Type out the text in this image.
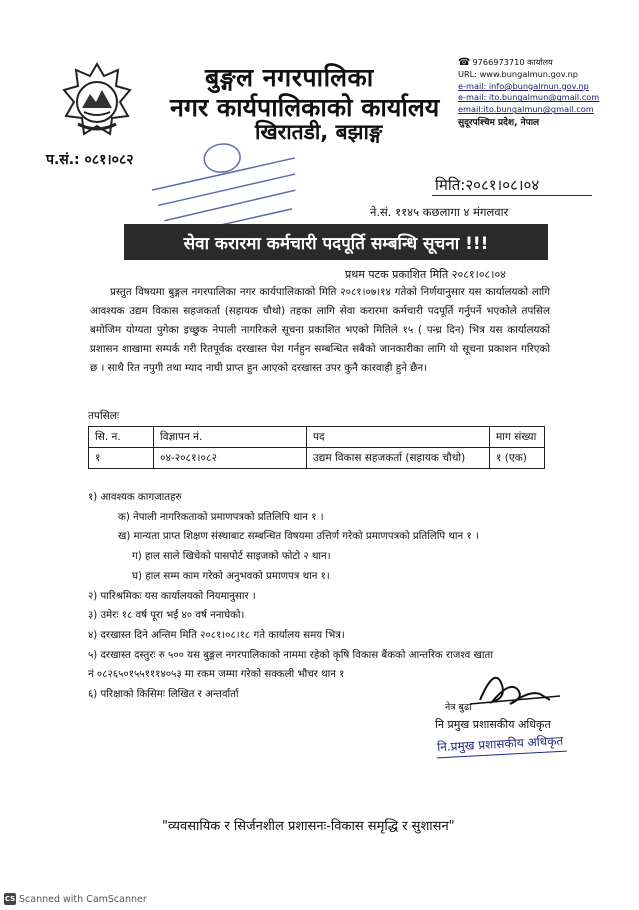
बुङ्गल नगरपालिका
नगर कार्यपालिकाको कार्यालय
खिरातडी, बझाङ्ग
☎ 9766973710 कार्यालय
URL: www.bungalmun.gov.np
e-mail: info@bungalmun.gov.np
e-mail: ito.bungalmun@gmail.com
email:ito.bungalmun@gmail.com
सुदूरपश्चिम प्रदेश, नेपाल
प.सं.: ०८१।०८२
मिति:२०८१।०८।०४
ने.सं. ११४५ कछलागा ४ मंगलवार
सेवा करारमा कर्मचारी पदपूर्ति सम्बन्धि सूचना !!!
प्रथम पटक प्रकाशित मिति २०८१।०८।०४
प्रस्तुत विषयमा बुङ्गल नगरपालिका नगर कार्यपालिकाको मिति २०८१।०७।१४ गतेको निर्णयानुसार यस कार्यालयको लागि आवश्यक उद्यम विकास सहजकर्ता (सहायक चौथो) तहका लागि सेवा करारमा कर्मचारी पदपूर्ति गर्नुपर्ने भएकोले तपसिल बमोजिम योग्यता पुगेका इच्छुक नेपाली नागरिकले सूचना प्रकाशित भएको मितिले १५ ( पन्ध्र दिन) भित्र यस कार्यालयको प्रशासन शाखामा सम्पर्क गरी रितपूर्वक दरखास्त पेश गर्नहुन सम्बन्धित सबैको जानकारीका लागि यो सूचना प्रकाशन गरिएको छ । साथै रित नपुगी तथा म्याद नाघी प्राप्त हुन आएको दरखास्त उपर कुनै कारवाही हुने छैन।
तपसिलः
सि. न.	विज्ञापन नं.	पद	माग संख्या
१	०४-२०८१।०८२	उद्यम विकास सहजकर्ता (सहायक चौथो)	१ (एक)
१) आवश्यक कागजातहरु
क) नेपाली नागरिकताको प्रमाणपत्रको प्रतिलिपि थान १ ।
ख) मान्यता प्राप्त शिक्षण संस्थाबाट सम्बन्धित विषयमा उत्तिर्ण गरेको प्रमाणपत्रको प्रतिलिपि थान १ ।
ग) हाल साले खिचेको पासपोर्ट साइजको फोटो २ थान।
घ) हाल सम्म काम गरेको अनुभवको प्रमाणपत्र थान १।
२) पारिश्रमिकः यस कार्यालयको नियमानुसार ।
३) उमेरः १८ वर्ष पूरा भई ४० वर्ष ननाघेको।
४) दरखास्त दिने अन्तिम मिति २०८१।०८।१८ गते कार्यालय समय भित्र।
५) दरखास्त दस्तुरः रु ५०० यस बुङ्गल नगरपालिकाको नाममा रहेको कृषि विकास बैंकको आन्तरिक राजश्व खाता
नं ०८२६५०१५५१११४०५३ मा रकम जम्मा गरेको सक्कली भौचर थान १
६) परिक्षाको किसिमः लिखित र अन्तर्वार्ता
नेत्र बुढा
नि प्रमुख प्रशासकीय अधिकृत
नि.प्रमुख प्रशासकीय अधिकृत
"व्यवसायिक र सिर्जनशील प्रशासनः-विकास समृद्धि र सुशासन"
CS Scanned with CamScanner
